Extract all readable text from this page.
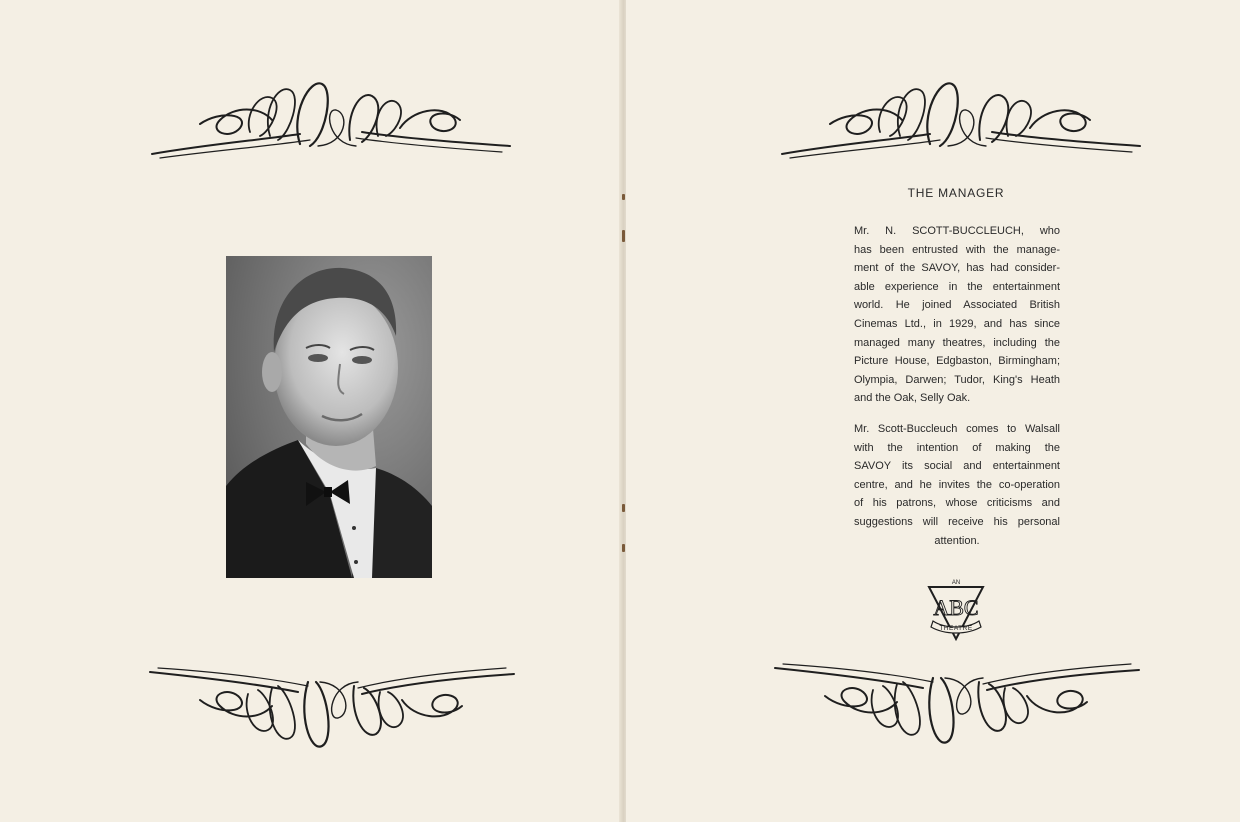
THE MANAGER
Mr. N. SCOTT-BUCCLEUCH, who
has been entrusted with the manage-
ment of the SAVOY, has had consider-
able experience in the entertainment
world. He joined Associated British
Cinemas Ltd., in 1929, and has since
managed many theatres, including the
Picture House, Edgbaston, Birmingham;
Olympia, Darwen; Tudor, King's Heath
and the Oak, Selly Oak.
Mr. Scott-Buccleuch comes to Walsall
with the intention of making the
SAVOY its social and entertainment
centre, and he invites the co-operation
of his patrons, whose criticisms and
suggestions will receive his personal
attention.
AN
ABC
THEATRE
